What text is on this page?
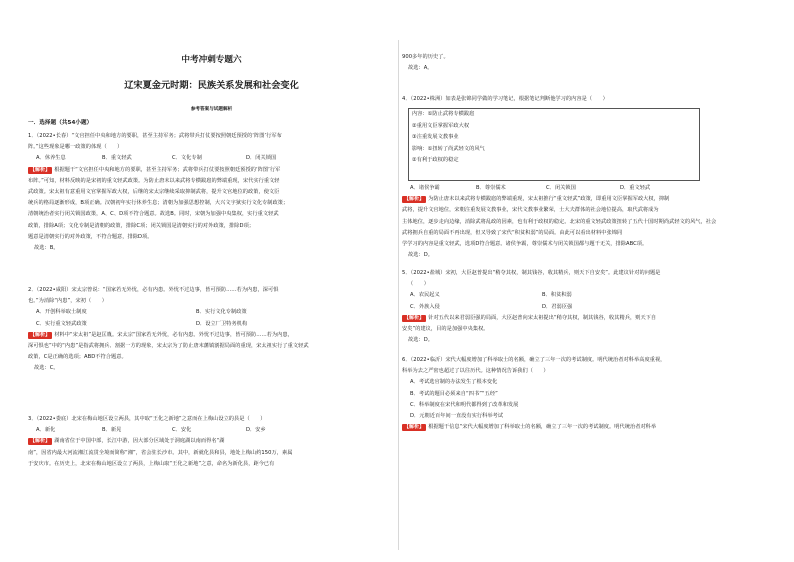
中考冲刺专题六
辽宋夏金元时期：民族关系发展和社会变化
参考答案与试题解析
一．选择题（共54小题）
1．（2022•长春）“文官担任中央和地方的要职，甚至主持军务；武将带兵打仗要按照朝廷预授的‘阵图’行军布
阵。”这些现象是哪一政策的体现（　　）
A．休养生息	B．重文轻武	C．文化专制	D．闭关锁国
【解析】 根据题干“文官担任中央和地方的要职，甚至主持军务；武将带兵打仗要按照朝廷预授的‘阵图’行军
布阵。”可知，材料反映的是宋初的重文轻武政策。为防止唐末以来武将专横跋扈的弊端重现，宋代实行重文轻
武政策。宋太祖有意重用文官掌握军政大权，后继的宋太宗继续采取抑制武将，提升文官地位的政策，使文臣
统兵的格局逐渐形成，B项正确。汉朝初年实行休养生息；清朝为加强思想控制，大兴文字狱实行文化专制政策；
清朝统治者实行闭关锁国政策，A、C、D项不符合题意。故选B。同时，宋朝为加强中央集权，实行重文轻武
政策，排除A项；文化专制是清朝的政策，排除C项；闭关锁国是清朝实行的对外政策，排除D项；
题意是清朝实行的对外政策，不符合题意，排除D项。
故选：B。
2．（2022•咸阳）宋太宗曾说：“国家若无外忧，必有内患。外忧不过边事，皆可预防……若为内患，深可惧
也。”为消除“内患”，宋初（　　）
A．开创科举取士制度	B．实行文化专制政策
C．实行重文轻武政策	D．设立厂卫特务机构
【解析】 材料中“宋太祖”是赵匡胤。宋太宗“国家若无外忧，必有内患。外忧不过边事，皆可预防……若为内患，
深可惧也”中的“内患”是指武将拥兵、割据一方的现象，宋太宗为了防止唐末藩镇割据局面的重现，宋太祖实行了重文轻武
政策，C是正确的选项；ABD不符合题意。
故选：C。
3．（2022•娄底）北宋在梅山地区设立两县，其中取“王化之新地”之意而在上梅山设立的县是（　　）
A．新化	B．新晃	C．安化	D．安乡
【解析】 湖南省位于中国中部，长江中游，因大部分区域处于洞庭湖以南而得名“湖
南”，因省内最大河流湘江流贯全境而简称“湘”，省会驻长沙市。其中，新就化县和县，地处上梅山约150万，素属
于安庆市。在历史上，北宋在梅山地区设立了两县，上梅山取“王化之新地”之意，命名为新化县，距今已有
900多年的历史了。
故选：A。
4．（2022•株洲）如表是张锦同学做的学习笔记，根据笔记判断他学习的内容是（　　）
内容：①防止武将专横跋扈
②重用文臣掌握军政大权
③注重发展文教事业
影响：①扭转了尚武轻文的风气
②有利于政权的稳定
A．诸侯争霸	B．尊崇儒术	C．闭关锁国	D．重文轻武
【解析】 为防止唐末以来武将专横跋扈的弊端重现，宋太祖推行“重文轻武”政策，即重用文臣掌握军政大权，抑制
武将，提升文官地位，宋朝注重发展文教事业，宋代文教事业繁荣，士大夫群体的社会地位提高，取代武将成为
主体地位，逐步走向边缘，消除武将乱政的因素，也有利于政权的稳定。北宋的重文轻武政策扭转了五代十国时期尚武轻文的风气，社会
武将拥兵自重的局面不再出现，但又导致了宋代“积贫积弱”的局面。由此可以看出材料中张锦同
学学习的内容是重文轻武，选项D符合题意。诸侯争霸，尊崇儒术与闭关锁国都与题干无关，排除ABC项。
故选：D。
5．（2022•盐城）宋初，大臣赵普提出“稍夺其权，制其钱谷，收其精兵，则天下自安矣”。此建议针对的问题是
（　　）
A．农民起义	B．积贫积弱
C．外族入侵	D．君弱臣强
【解析】 针对五代以来君弱臣强的局面，大臣赵普向宋太祖提出“稍夺其权，制其钱谷，收其精兵，则天下自
安矣”的建议，目的是加强中央集权。
故选：D。
6．（2022•临沂）宋代大幅度增加了科举取士的名额，确立了三年一次的考试制度。明代统治者对科举高度重视，
科举为去之严密也超过了以往历代。这种情况告诉我们（　　）
A．考试选官制的办法发生了根本变化
B．考试的题目必须来自“四书”“五经”
C．科举制度在宋代和明代都得到了改革和发展
D．元朝近百年间一直没有实行科举考试
【解析】 根据题干信息“宋代大幅度增加了科举取士的名额，确立了三年一次的考试制度。明代统治者对科举
